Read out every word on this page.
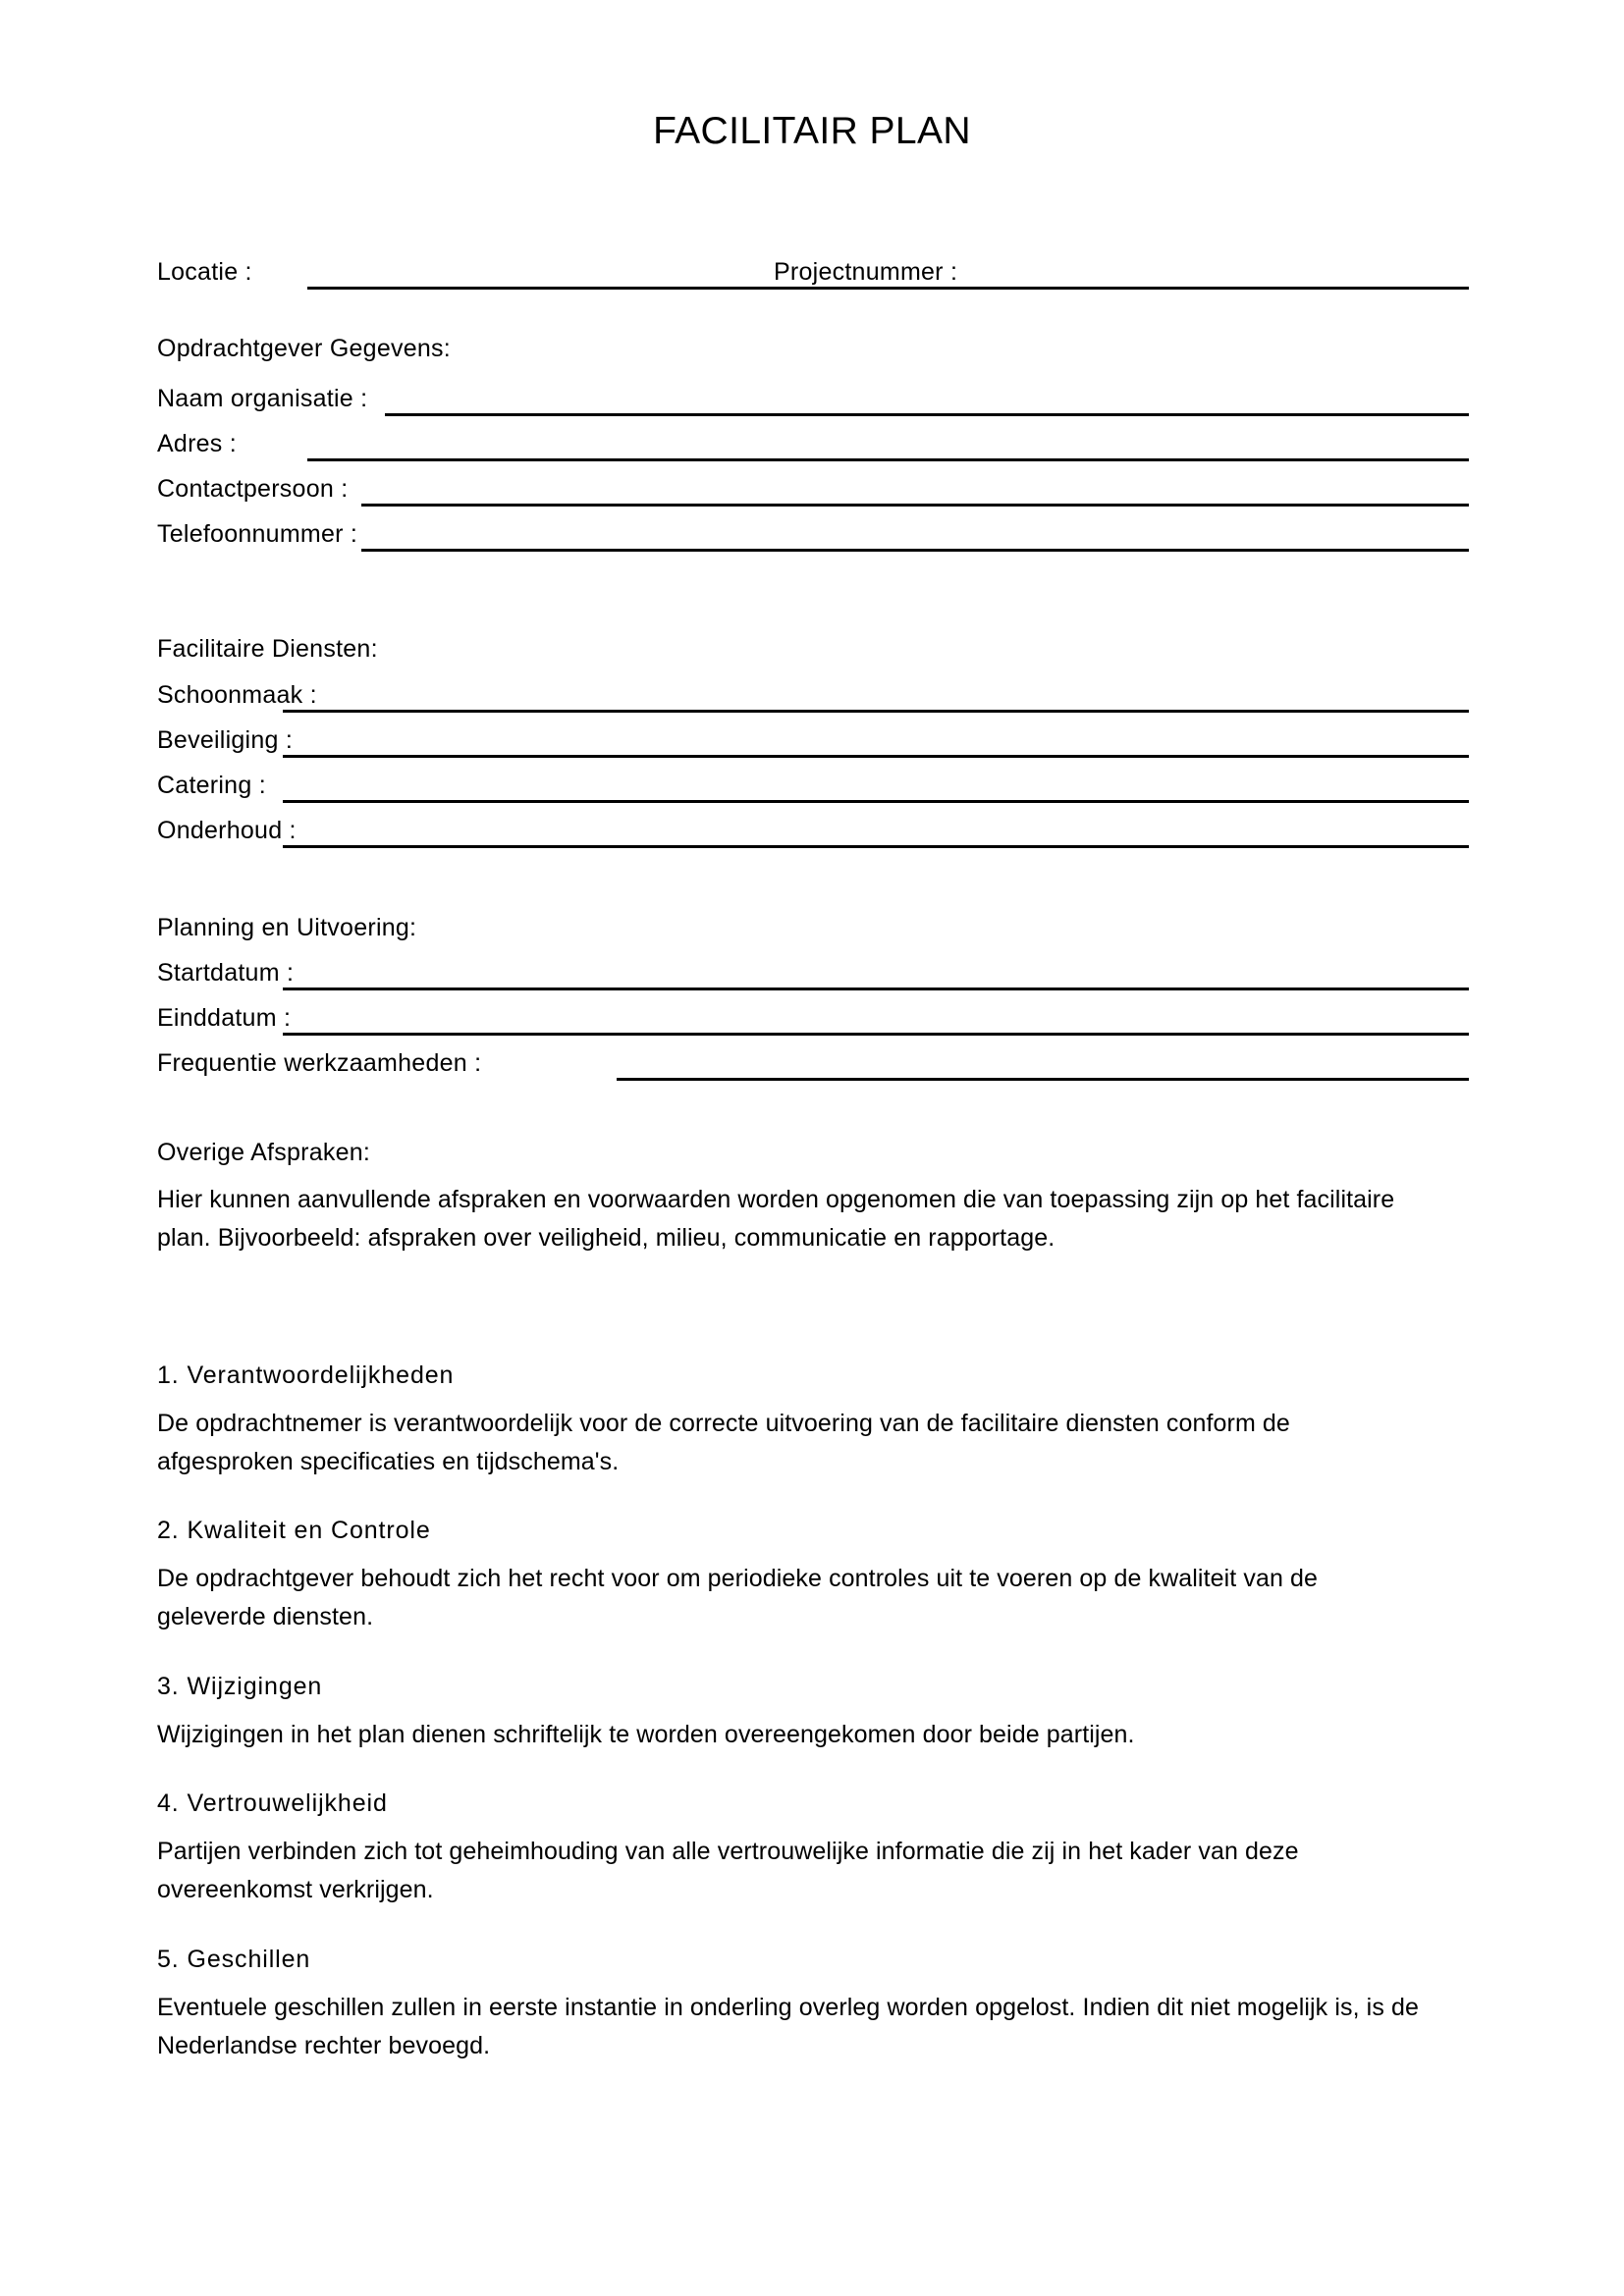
FACILITAIR PLAN
Locatie :	Projectnummer :
Opdrachtgever Gegevens:
Naam organisatie :
Adres :
Contactpersoon :
Telefoonnummer :
Facilitaire Diensten:
Schoonmaak :
Beveiliging :
Catering :
Onderhoud :
Planning en Uitvoering:
Startdatum :
Einddatum :
Frequentie werkzaamheden :
Overige Afspraken:
Hier kunnen aanvullende afspraken en voorwaarden worden opgenomen die van toepassing zijn op het facilitaire plan. Bijvoorbeeld: afspraken over veiligheid, milieu, communicatie en rapportage.
1. Verantwoordelijkheden
De opdrachtnemer is verantwoordelijk voor de correcte uitvoering van de facilitaire diensten conform de afgesproken specificaties en tijdschema's.
2. Kwaliteit en Controle
De opdrachtgever behoudt zich het recht voor om periodieke controles uit te voeren op de kwaliteit van de geleverde diensten.
3. Wijzigingen
Wijzigingen in het plan dienen schriftelijk te worden overeengekomen door beide partijen.
4. Vertrouwelijkheid
Partijen verbinden zich tot geheimhouding van alle vertrouwelijke informatie die zij in het kader van deze overeenkomst verkrijgen.
5. Geschillen
Eventuele geschillen zullen in eerste instantie in onderling overleg worden opgelost. Indien dit niet mogelijk is, is de Nederlandse rechter bevoegd.
